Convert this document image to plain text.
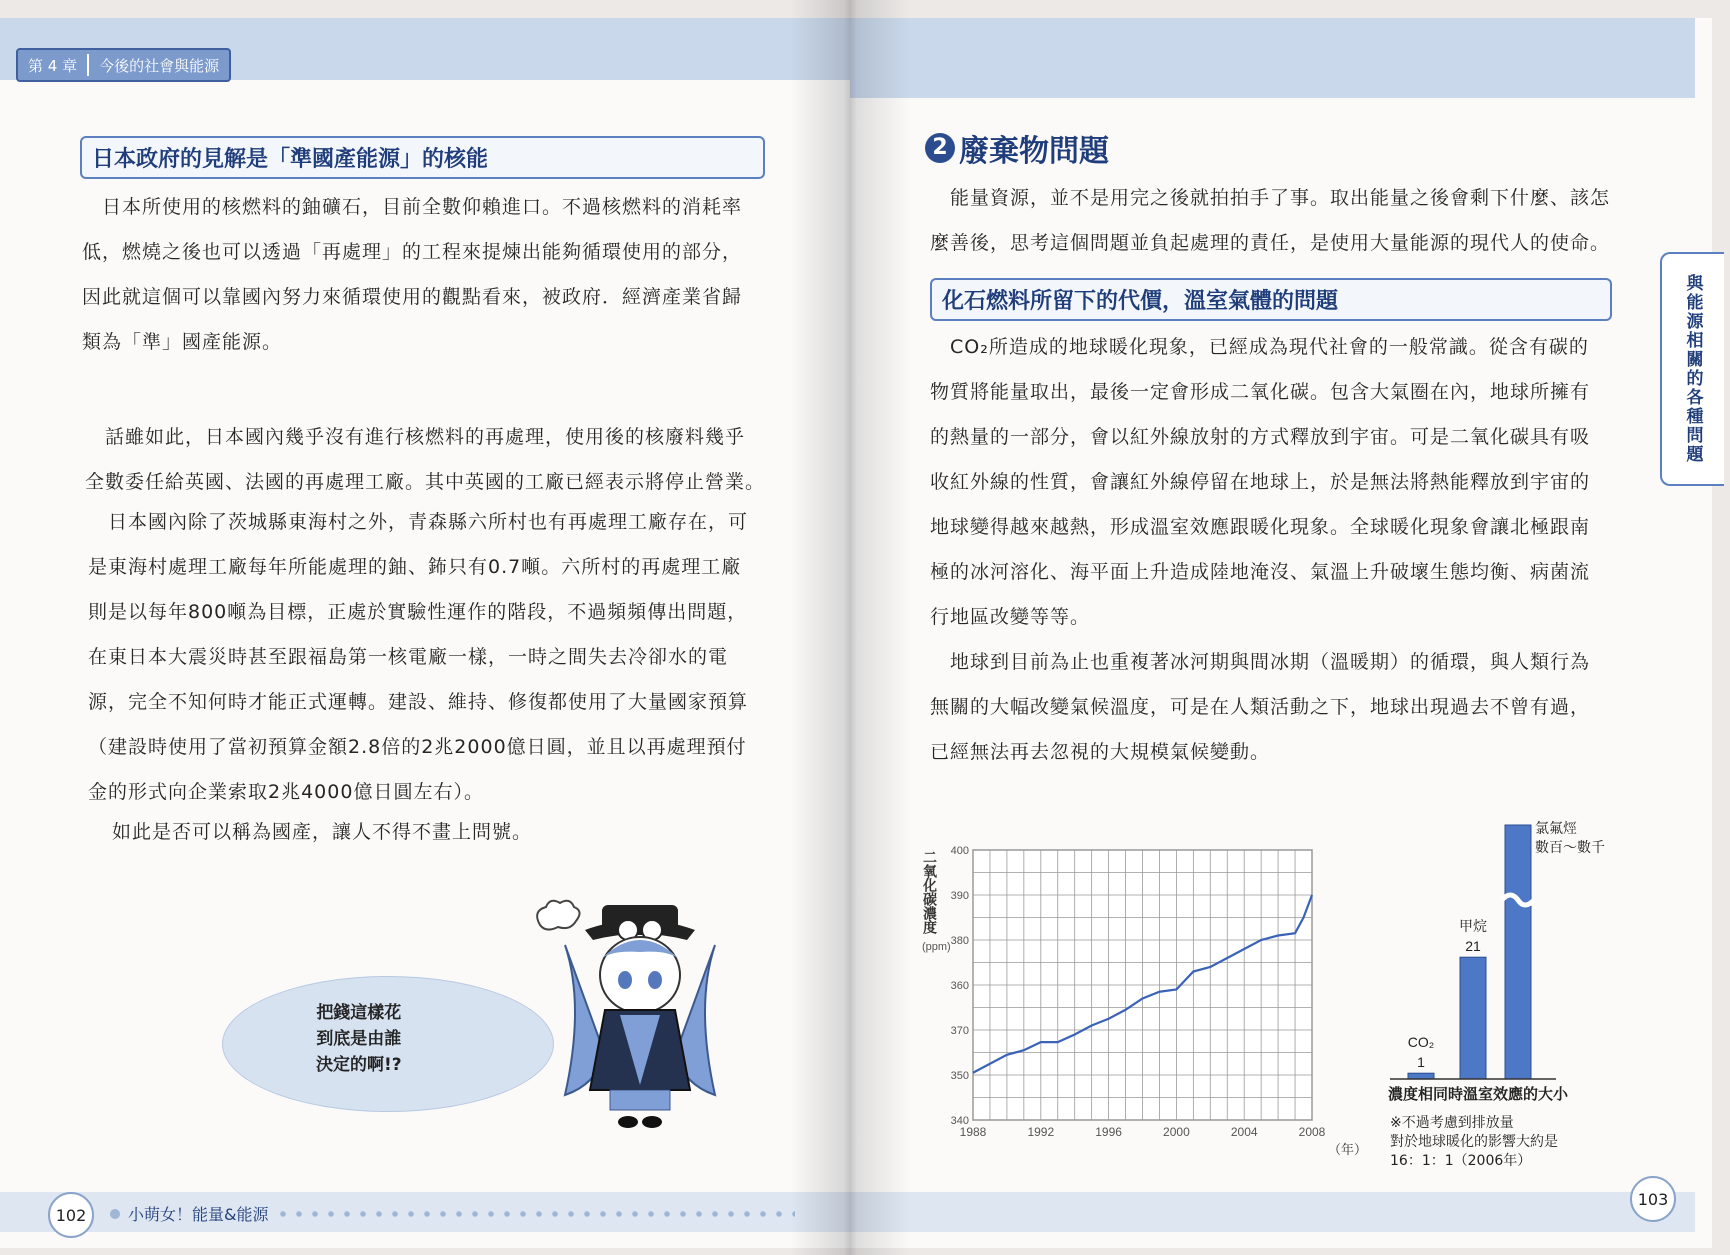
第 4 章	今後的社會與能源
日本政府的見解是「準國產能源」的核能

日本所使用的核燃料的鈾礦石，目前全數仰賴進口。不過核燃料的消耗率

低，燃燒之後也可以透過「再處理」的工程來提煉出能夠循環使用的部分，

因此就這個可以靠國內努力來循環使用的觀點看來，被政府．經濟產業省歸

類為「準」國產能源。

話雖如此，日本國內幾乎沒有進行核燃料的再處理，使用後的核廢料幾乎

全數委任給英國、法國的再處理工廠。其中英國的工廠已經表示將停止營業。

日本國內除了茨城縣東海村之外，青森縣六所村也有再處理工廠存在，可

是東海村處理工廠每年所能處理的鈾、鈽只有0.7噸。六所村的再處理工廠

則是以每年800噸為目標，正處於實驗性運作的階段，不過頻頻傳出問題，

在東日本大震災時甚至跟福島第一核電廠一樣，一時之間失去冷卻水的電

源，完全不知何時才能正式運轉。建設、維持、修復都使用了大量國家預算

（建設時使用了當初預算金額2.8倍的2兆2000億日圓，並且以再處理預付

金的形式向企業索取2兆4000億日圓左右）。

如此是否可以稱為國產，讓人不得不畫上問號。

把錢這樣花
到底是由誰
決定的啊!?
102	小萌女！能量&能源
2 廢棄物問題

能量資源，並不是用完之後就拍拍手了事。取出能量之後會剩下什麼、該怎

麼善後，思考這個問題並負起處理的責任，是使用大量能源的現代人的使命。

化石燃料所留下的代價，溫室氣體的問題

CO₂所造成的地球暖化現象，已經成為現代社會的一般常識。從含有碳的

物質將能量取出，最後一定會形成二氧化碳。包含大氣圈在內，地球所擁有

的熱量的一部分，會以紅外線放射的方式釋放到宇宙。可是二氧化碳具有吸

收紅外線的性質，會讓紅外線停留在地球上，於是無法將熱能釋放到宇宙的

地球變得越來越熱，形成溫室效應跟暖化現象。全球暖化現象會讓北極跟南

極的冰河溶化、海平面上升造成陸地淹沒、氣溫上升破壞生態均衡、病菌流

行地區改變等等。

地球到目前為止也重複著冰河期與間冰期（溫暖期）的循環，與人類行為

無關的大幅改變氣候溫度，可是在人類活動之下，地球出現過去不曾有過，

已經無法再去忽視的大規模氣候變動。

與能源相關的各種問題
1988	1992	1996	2000	2004	2008
340
350
370
360
380
390
400
二氧化碳濃度
(ppm)
（年）
CO₂
1
甲烷
21
氯氟烴
數百～數千
濃度相同時溫室效應的大小
※不過考慮到排放量
對於地球暖化的影響大約是
16：1：1（2006年）
103
